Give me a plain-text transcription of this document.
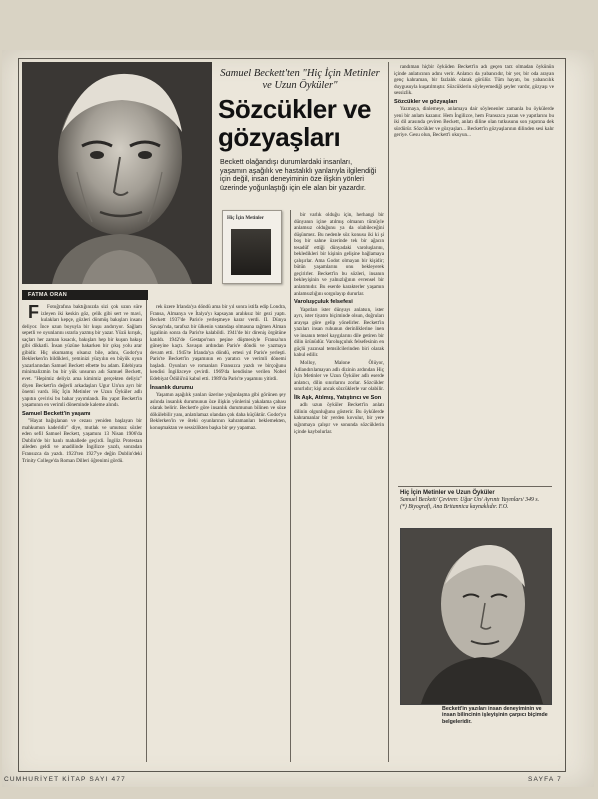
FATMA ORAN
Samuel Beckett'ten "Hiç İçin Metinler ve Uzun Öyküler"
Sözcükler ve gözyaşları
Beckett olağandışı durumlardaki insanları, yaşamın aşağılık ve hastalıklı yanlarıyla ilgilendiği için değil, insan deneyiminin öze ilişkin yönleri üzerinde yoğunlaştığı için ele alan bir yazardır.
Hiç İçin Metinler

F Fotoğrafına baktığınızda sizi çok uzun süre izleyen iki keskin göz, çelik gibi sert ve mavi, kulakları kepçe, gözleri dönmüş bakışları insanı deliyor. İnce uzun boyuyla bir kuşu andırıyor. Sağlam sepetli ve oyunlarını ısrarla yazmış bir yazar. Yüzü kırışık, saçları her zaman kısacık, bakışları hep bir kuşun bakışı gibi dikkatli. İnsan yüzüne bakarken bir çıkış yolu arar gibidir. Hiç okumamış olsanız bile, adını, Godot'yu Beklerken'in bildikleri, yeminizi yüzyılın en büyük oyun yazarlarından Samuel Beckett elbette bu adam. Edebiyata minimalizmin bu bir yük unsurun adı Samuel Beckett, evet. "Hepimiz deliyiz ama kimimiz gerçekten deliyiz" diyen Beckett'in değerli arkadaşları Ugur Un'un ayrı bir önemi vardı. Hiç İçin Metinler ve Uzun Öyküler adlı yapıtın çevirisi bu bahar yayımlandı. Bu yapıt Beckett'in yaşamının en verimli döneminde kaleme alındı.

Samuel Beckett'in yaşamı

"Hayat bağışlanan ve cezası yeniden başlayan bir mahkumun kaderidir" diye, mutlak ve umutsuz sözler eden sefil Samuel Beckett, yaşamını 13 Nisan 1906'da Dublin'de bir hanlı mahallede geçirdi. İngiliz Protestan aileden geldi ve anadilinde İngilizce yazdı, sonradan Fransızca da yazdı. 1923'ten 1927'ye değin Dublin'deki Trinity College'da Roman Dilleri öğrenimi gördü.

rek üzere İrlanda'ya döndü ama bir yıl sonra istifa edip Londra, Fransa, Almanya ve İtalya'yı kapsayan aralıksız bir gezi yaptı. Beckett 1937'de Paris'e yerleşmeye karar verdi. II. Dünya Savaşı'nda, tarafsız bir ülkenin vatandaşı olmasına rağmen Alman işgalinin sonra da Paris'te kalabildi. 1941'de bir direniş örgütüne katıldı. 1942'de Gestapo'nun peşine düşmesiyle Fransa'nın güneyine kaçtı. Savaşın ardından Paris'e döndü ve yazmaya devam etti. 1945'te İrlanda'ya döndü, ertesi yıl Paris'e yerleşti. Paris'te Beckett'in yaşamının en yaratıcı ve verimli dönemi başladı. Oyunları ve romanları Fransızca yazdı ve birçoğunu kendisi İngilizceye çevirdi. 1969'da kendisine verilen Nobel Edebiyat Ödülü'nü kabul etti. 1989'da Paris'te yaşamını yitirdi.

İnsanlık durumu

Yaşamın aşağılık yanları üzerine yoğunlaşma gibi görünen şey aslında insanlık durumunun öze ilişkin yönlerini yakalama çabası olarak belirir. Beckett'e göre insanlık durumunun bilinen ve söze dökülebilir yanı, anlatılamaz olandan çok daha küçüktür. Godot'yu Beklerken'in ve öteki oyunlarının kahramanları beklemekten, konuşmaktan ve sessizlikten başka bir şey yapamaz.

bir varlık olduğu için, herhangi bir dünyanın içine atılmış olmanın tümüyle anlamsız olduğunu ya da olabileceğini düşünmez. Bu nedenle söz konusu iki ki şi boş bir sahne üzerinde tek bir ağacın tesadüf ettiği dünyadaki varoluşlarını, bekledikleri bir kişinin gelişine bağlamaya çalışırlar. Ama Godot olmayan bir kişidir; bütün yaşamlarını onu bekleyerek geçirirler. Beckett'in bu sözleri, insanın bekleyişinin ve yalnızlığının evrensel bir anlatımıdır. Bu eserde karakterler yaşamın anlamsızlığını sorgulayıp dururlar.

Varoluşçuluk felsefesi

Yapıtları ister dünyayı anlatsın, ister ayrı, ister tiyatro biçiminde olsun, doğruları arayışa göre gelip yönelirler. Beckett'in yazıları insan ruhunun derinliklerine inen ve insanın temel kaygılarını dile getiren bir dilin ürünüdür. Varoluşçuluk felsefesinin en güçlü yazınsal temsilcilerinden biri olarak kabul edilir.

Molloy, Malone Ölüyor, Adlandırılamayan adlı dizinin ardından Hiç İçin Metinler ve Uzun Öyküler adlı eserde anlatıcı, dilin sınırlarını zorlar. Sözcükler sınırlıdır; kişi ancak sözcüklerle var olabilir.

İlk Aşk, Atılmış, Yatıştırıcı ve Son

adlı uzun öyküler Beckett'in anlatı dilinin olgunluğunu gösterir. Bu öykülerde kahramanlar bir yerden kovulur, bir yere sığınmaya çalışır ve sonunda sözcüklerin içinde kaybolurlar.

randıman hiçbir öyküden Beckett'in adı geçen tarz olmadan öykünün içinde anlatıcının adını verir. Anlatıcı da yabancıdır, bir yer, bir oda arayan genç kahraman, bir fazlalık olarak görülür. Tüm hayatı, bu yabancılık duygusuyla kuşatılmıştır. Sözcüklerin söyleyemediği şeyler vardır, gözyaşı ve sessizlik.

Sözcükler ve gözyaşları

Yazmaya, dinlemeye, anlamaya dair söylenenler zamanla bu öykülerde yeni bir anlam kazanır. Hem İngilizce, hem Fransızca yazan ve yapıtlarını bu iki dil arasında çeviren Beckett, anlatı diline olan tutkusunu son yapıtına dek sürdürür. Sözcükler ve gözyaşları... Beckett'in gözyaşlarının dilinden sesi kalır geriye. Gesu olun, Beckett'i okuyun...

Hiç İçin Metinler ve Uzun Öyküler
Samuel Beckett/ Çeviren: Uğur Ün/ Ayrıntı Yayınları/ 349 s.
(*) Biyografi, Ana Britannica kaynaklıdır. F.O.
Beckett'in yazıları insan deneyiminin ve insan bilincinin işleyişinin çarpıcı biçimde belgeleridir.
CUMHURİYET KİTAP SAYI 477	SAYFA 7
